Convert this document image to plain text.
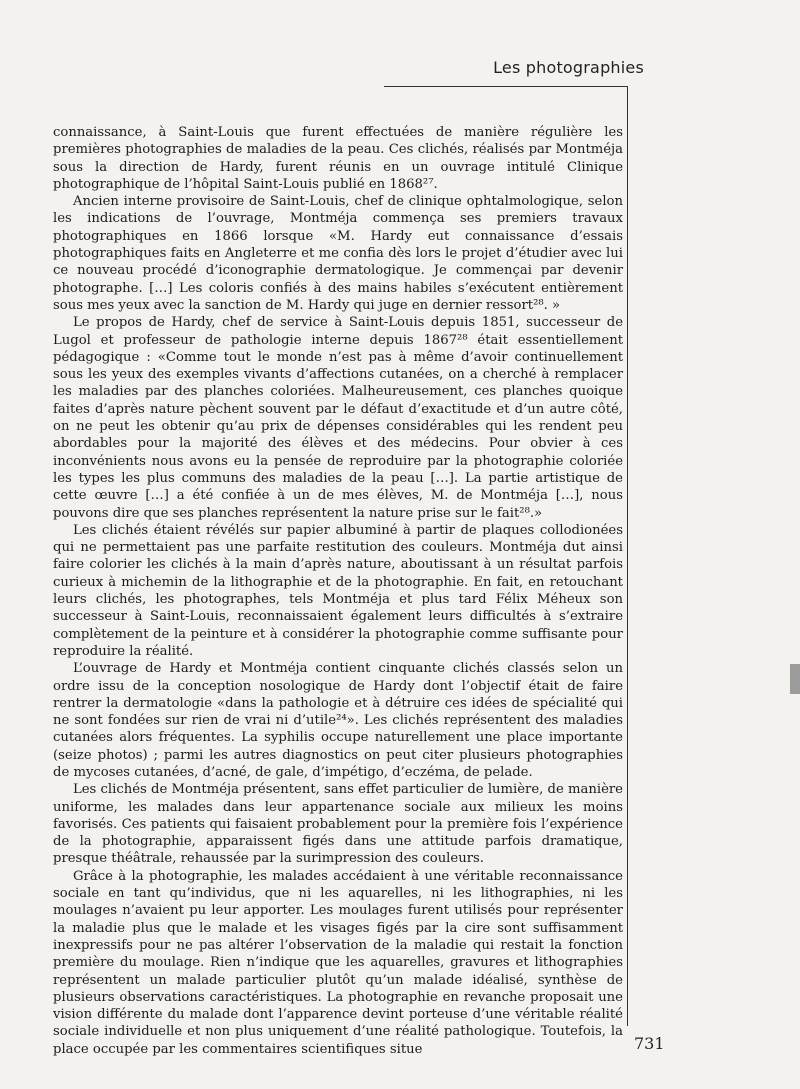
Les photographies

connaissance, à Saint-Louis que furent effectuées de manière régulière les premières photographies de maladies de la peau. Ces clichés, réalisés par Montméja sous la direction de Hardy, furent réunis en un ouvrage intitulé Clinique photographique de l’hôpital Saint-Louis publié en 1868²⁷.

Ancien interne provisoire de Saint-Louis, chef de clinique ophtalmologique, selon les indications de l’ouvrage, Montméja commença ses premiers travaux photographiques en 1866 lorsque «M. Hardy eut connaissance d’essais photographiques faits en Angleterre et me confia dès lors le projet d’étudier avec lui ce nouveau procédé d’iconographie dermatologique. Je commençai par devenir photographe. […] Les coloris confiés à des mains habiles s’exécutent entièrement sous mes yeux avec la sanction de M. Hardy qui juge en dernier ressort²⁸. »

Le propos de Hardy, chef de service à Saint-Louis depuis 1851, successeur de Lugol et professeur de pathologie interne depuis 1867²⁸ était essentiellement pédagogique : «Comme tout le monde n’est pas à même d’avoir continuellement sous les yeux des exemples vivants d’affections cutanées, on a cherché à remplacer les maladies par des planches coloriées. Malheureusement, ces planches quoique faites d’après nature pèchent souvent par le défaut d’exactitude et d’un autre côté, on ne peut les obtenir qu’au prix de dépenses considérables qui les rendent peu abordables pour la majorité des élèves et des médecins. Pour obvier à ces inconvénients nous avons eu la pensée de reproduire par la photographie coloriée les types les plus communs des maladies de la peau […]. La partie artistique de cette œuvre […] a été confiée à un de mes élèves, M. de Montméja […], nous pouvons dire que ses planches représentent la nature prise sur le fait²⁸.»

Les clichés étaient révélés sur papier albuminé à partir de plaques collodionées qui ne permettaient pas une parfaite restitution des couleurs. Montméja dut ainsi faire colorier les clichés à la main d’après nature, aboutissant à un résultat parfois curieux à michemin de la lithographie et de la photographie. En fait, en retouchant leurs clichés, les photographes, tels Montméja et plus tard Félix Méheux son successeur à Saint-Louis, reconnaissaient également leurs difficultés à s’extraire complètement de la peinture et à considérer la photographie comme suffisante pour reproduire la réalité.

L’ouvrage de Hardy et Montméja contient cinquante clichés classés selon un ordre issu de la conception nosologique de Hardy dont l’objectif était de faire rentrer la dermatologie «dans la pathologie et à détruire ces idées de spécialité qui ne sont fondées sur rien de vrai ni d’utile²⁴». Les clichés représentent des maladies cutanées alors fréquentes. La syphilis occupe naturellement une place importante (seize photos) ; parmi les autres diagnostics on peut citer plusieurs photographies de mycoses cutanées, d’acné, de gale, d’impétigo, d’eczéma, de pelade.

Les clichés de Montméja présentent, sans effet particulier de lumière, de manière uniforme, les malades dans leur appartenance sociale aux milieux les moins favorisés. Ces patients qui faisaient probablement pour la première fois l’expérience de la photographie, apparaissent figés dans une attitude parfois dramatique, presque théâtrale, rehaussée par la surimpression des couleurs.

Grâce à la photographie, les malades accédaient à une véritable reconnaissance sociale en tant qu’individus, que ni les aquarelles, ni les lithographies, ni les moulages n’avaient pu leur apporter. Les moulages furent utilisés pour représenter la maladie plus que le malade et les visages figés par la cire sont suffisamment inexpressifs pour ne pas altérer l’observation de la maladie qui restait la fonction première du moulage. Rien n’indique que les aquarelles, gravures et lithographies représentent un malade particulier plutôt qu’un malade idéalisé, synthèse de plusieurs observations caractéristiques. La photographie en revanche proposait une vision différente du malade dont l’apparence devint porteuse d’une véritable réalité sociale individuelle et non plus uniquement d’une réalité pathologique. Toutefois, la place occupée par les commentaires scientifiques situe	731
